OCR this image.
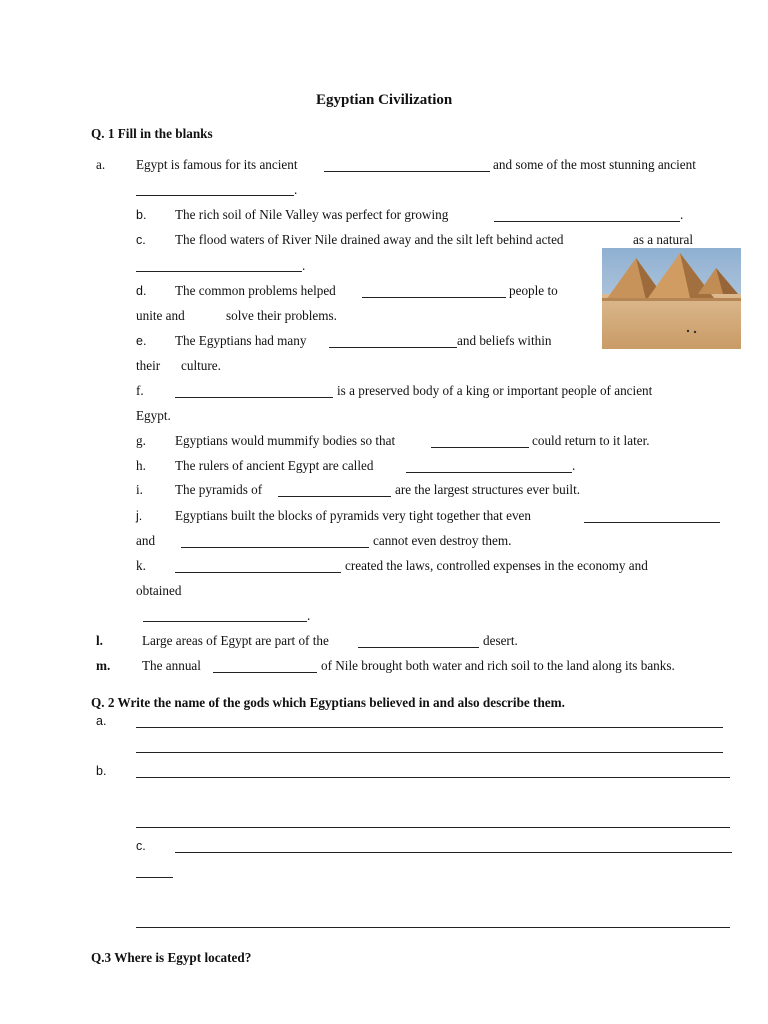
Egyptian Civilization
Q. 1 Fill in the blanks
a. Egypt is famous for its ancient	and some of the most stunning ancient
.
b. The rich soil of Nile Valley was perfect for growing	.
c. The flood waters of River Nile drained away and the silt left behind acted	as a natural
.
d. The common problems helped	people to
unite and	solve their problems.
e. The Egyptians had many	and beliefs within
their culture.
f.	is a preserved body of a king or important people of ancient
Egypt.
g. Egyptians would mummify bodies so that	could return to it later.
h. The rulers of ancient Egypt are called	.
i. The pyramids of	are the largest structures ever built.
j. Egyptians built the blocks of pyramids very tight together that even
and	cannot even destroy them.
k.	created the laws, controlled expenses in the economy and
obtained
.
l.	Large areas of Egypt are part of the	desert.
m. The annual	of Nile brought both water and rich soil to the land along its banks.
Q. 2 Write the name of the gods which Egyptians believed in and also describe them.
a.
b.
c.
Q.3 Where is Egypt located?
